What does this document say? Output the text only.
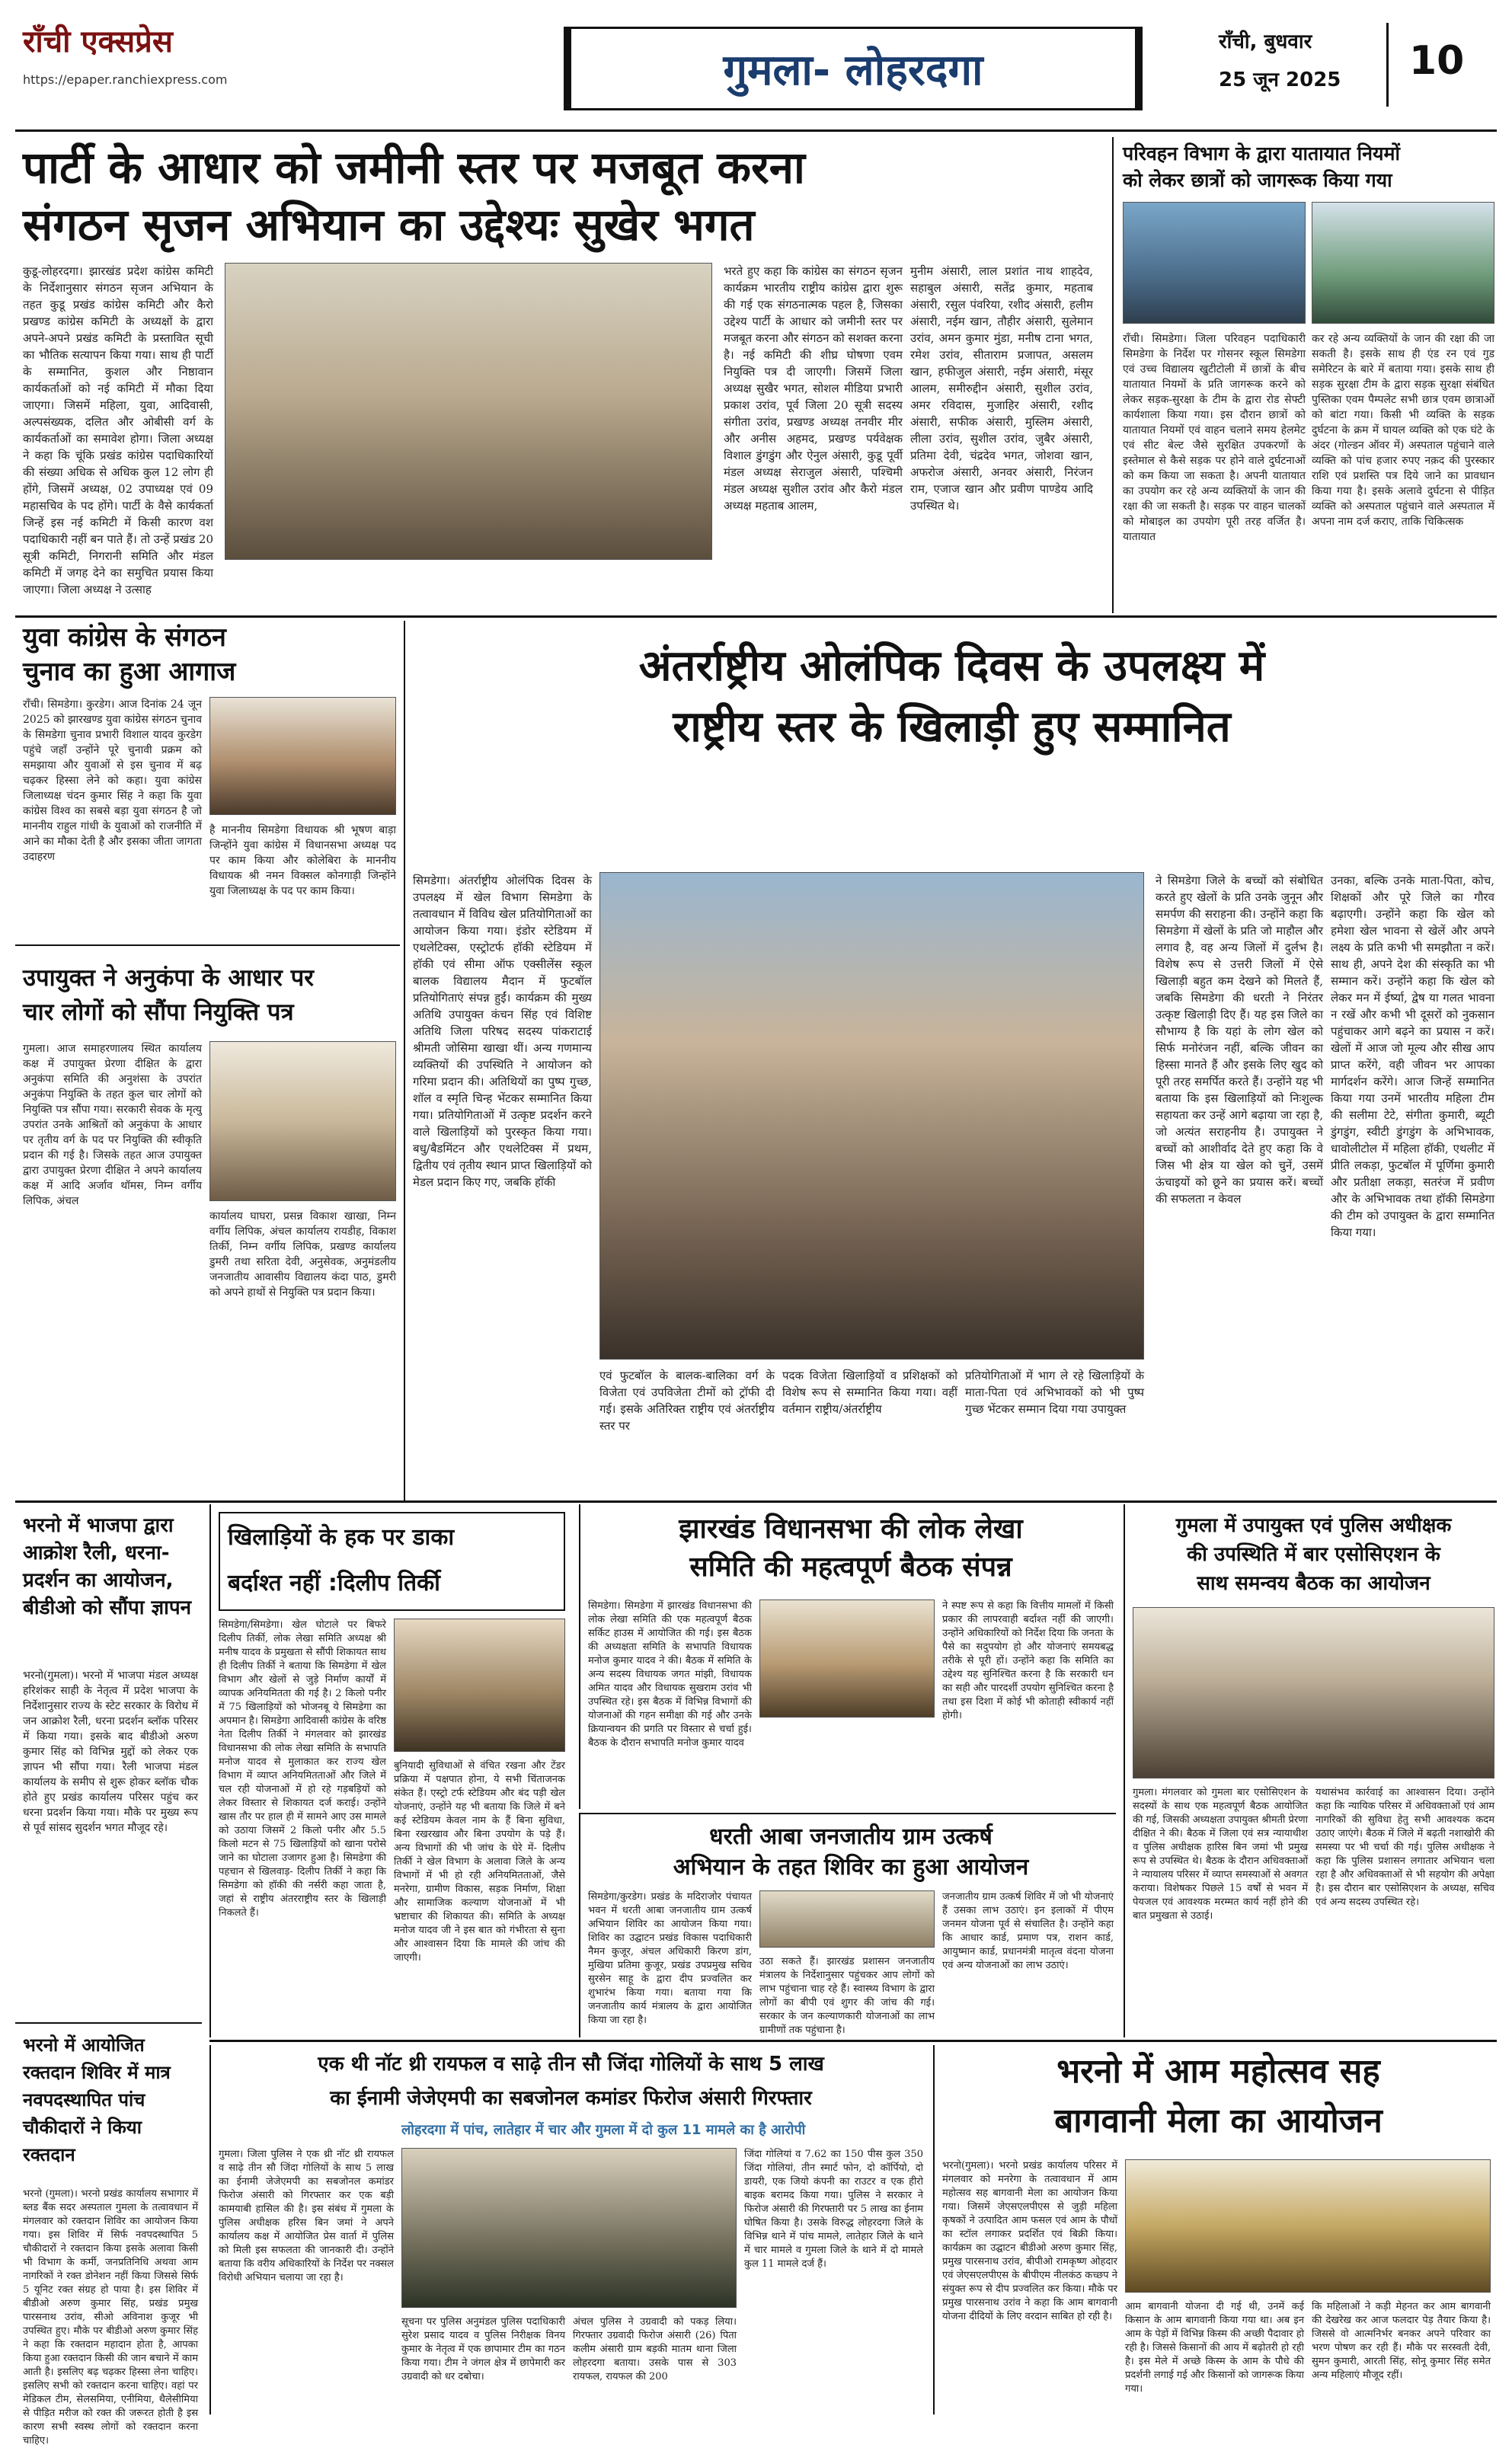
राँची एक्सप्रेस
https://epaper.ranchiexpress.com	गुमला- लोहरदगा
राँची, बुधवार
25 जून 2025 10
पार्टी के आधार को जमीनी स्तर पर मजबूत करना
संगठन सृजन अभियान का उद्देश्यः सुखेर भगत
कुडू-लोहरदगा। झारखंड प्रदेश कांग्रेस कमिटी के निर्देशानुसार संगठन सृजन अभियान के तहत कुडू प्रखंड कांग्रेस कमिटी और कैरो प्रखण्ड कांग्रेस कमिटी के अध्यक्षों के द्वारा अपने-अपने प्रखंड कमिटी के प्रस्तावित सूची का भौतिक सत्यापन किया गया। साथ ही पार्टी के सम्मानित, कुशल और निष्ठावान कार्यकर्ताओं को नई कमिटी में मौका दिया जाएगा। जिसमें महिला, युवा, आदिवासी, अल्पसंख्यक, दलित और ओबीसी वर्ग के कार्यकर्ताओं का समावेश होगा। जिला अध्यक्ष ने कहा कि चूंकि प्रखंड कांग्रेस पदाधिकारियों की संख्या अधिक से अधिक कुल 12 लोग ही होंगे, जिसमें अध्यक्ष, 02 उपाध्यक्ष एवं 09 महासचिव के पद होंगे। पार्टी के वैसे कार्यकर्ता जिन्हें इस नई कमिटी में किसी कारण वश पदाधिकारी नहीं बन पाते हैं। तो उन्हें प्रखंड 20 सूत्री कमिटी, निगरानी समिति और मंडल कमिटी में जगह देने का समुचित प्रयास किया जाएगा। जिला अध्यक्ष ने उत्साह
भरते हुए कहा कि कांग्रेस का संगठन सृजन कार्यक्रम भारतीय राष्ट्रीय कांग्रेस द्वारा शुरू की गई एक संगठनात्मक पहल है, जिसका उद्देश्य पार्टी के आधार को जमीनी स्तर पर मजबूत करना और संगठन को सशक्त करना है। नई कमिटी की शीघ्र घोषणा एवम नियुक्ति पत्र दी जाएगी। जिसमें जिला अध्यक्ष सुखैर भगत, सोशल मीडिया प्रभारी प्रकाश उरांव, पूर्व जिला 20 सूत्री सदस्य संगीता उरांव, प्रखण्ड अध्यक्ष तनवीर मीर और अनीस अहमद, प्रखण्ड पर्यवेक्षक विशाल डुंगडुंग और ऐनुल अंसारी, कुडू पूर्वी मंडल अध्यक्ष सेराजुल अंसारी, पश्चिमी मंडल अध्यक्ष सुशील उरांव और कैरो मंडल अध्यक्ष महताब आलम,
मुनीम अंसारी, लाल प्रशांत नाथ शाहदेव, सहाबुल अंसारी, सतेंद्र कुमार, महताब अंसारी, रसुल पंवरिया, रशीद अंसारी, हलीम अंसारी, नईम खान, तौहीर अंसारी, सुलेमान उरांव, अमन कुमार मुंडा, मनीष टाना भगत, रमेश उरांव, सीताराम प्रजापत, असलम खान, हफीजुल अंसारी, नईम अंसारी, मंसूर आलम, समीरुद्दीन अंसारी, सुशील उरांव, अमर रविदास, मुजाहिर अंसारी, रशीद अंसारी, सफीक अंसारी, मुस्लिम अंसारी, लीला उरांव, सुशील उरांव, जुबैर अंसारी, प्रतिमा देवी, चंद्रदेव भगत, जोशवा खान, अफरोज अंसारी, अनवर अंसारी, निरंजन राम, एजाज खान और प्रवीण पाण्डेय आदि उपस्थित थे।
परिवहन विभाग के द्वारा यातायात नियमों
को लेकर छात्रों को जागरूक किया गया
राँची। सिमडेगा। जिला परिवहन पदाधिकारी सिमडेगा के निर्देश पर गोसनर स्कूल सिमडेगा एवं उच्च विद्यालय खुटीटोली में छात्रों के बीच यातायात नियमों के प्रति जागरूक करने को लेकर सड़क-सुरक्षा के टीम के द्वारा रोड सेफ्टी कार्यशाला किया गया। इस दौरान छात्रों को यातायात नियमों एवं वाहन चलाने समय हेलमेट एवं सीट बेल्ट जैसे सुरक्षित उपकरणों के इस्तेमाल से कैसे सड़क पर होने वाले दुर्घटनाओं को कम किया जा सकता है। अपनी यातायात का उपयोग कर रहे अन्य व्यक्तियों के जान की रक्षा की जा सकती है। सड़क पर वाहन चालकों को मोबाइल का उपयोग पूरी तरह वर्जित है। यातायात
कर रहे अन्य व्यक्तियों के जान की रक्षा की जा सकती है। इसके साथ ही एंड रन एवं गुड समेरिटन के बारे में बताया गया। इसके साथ ही सड़क सुरक्षा टीम के द्वारा सड़क सुरक्षा संबंधित पुस्तिका एवम पैम्पलेट सभी छात्र एवम छात्राओं को बांटा गया। किसी भी व्यक्ति के सड़क दुर्घटना के क्रम में घायल व्यक्ति को एक घंटे के अंदर (गोल्डन ऑवर में) अस्पताल पहुंचाने वाले व्यक्ति को पांच हजार रुपए नक़द की पुरस्कार राशि एवं प्रशस्ति पत्र दिये जाने का प्रावधान किया गया है। इसके अलावे दुर्घटना से पीड़ित व्यक्ति को अस्पताल पहुंचाने वाले अस्पताल में अपना नाम दर्ज कराए, ताकि चिकित्सक
युवा कांग्रेस के संगठन
चुनाव का हुआ आगाज
राँची। सिमडेगा। कुरडेग। आज दिनांक 24 जून 2025 को झारखण्ड युवा कांग्रेस संगठन चुनाव के सिमडेगा चुनाव प्रभारी विशाल यादव कुरडेग पहुंचे जहाँ उन्होंने पूरे चुनावी प्रक्रम को समझाया और युवाओं से इस चुनाव में बढ़ चढ़कर हिस्सा लेने को कहा। युवा कांग्रेस जिलाध्यक्ष चंदन कुमार सिंह ने कहा कि युवा कांग्रेस विश्व का सबसे बड़ा युवा संगठन है जो माननीय राहुल गांधी के युवाओं को राजनीति में आने का मौका देती है और इसका जीता जागता उदाहरण
है माननीय सिमडेगा विधायक श्री भूषण बाड़ा जिन्होंने युवा कांग्रेस में विधानसभा अध्यक्ष पद पर काम किया और कोलेबिरा के माननीय विधायक श्री नमन विक्सल कोनगाड़ी जिन्होंने युवा जिलाध्यक्ष के पद पर काम किया।
अंतर्राष्ट्रीय ओलंपिक दिवस के उपलक्ष्य में
राष्ट्रीय स्तर के खिलाड़ी हुए सम्मानित
सिमडेगा। अंतर्राष्ट्रीय ओलंपिक दिवस के उपलक्ष्य में खेल विभाग सिमडेगा के तत्वावधान में विविध खेल प्रतियोगिताओं का आयोजन किया गया। इंडोर स्टेडियम में एथलेटिक्स, एस्ट्रोटर्फ हॉकी स्टेडियम में हॉकी एवं सीमा ऑफ एक्सीलेंस स्कूल बालक विद्यालय मैदान में फुटबॉल प्रतियोगिताएं संपन्न हुईं। कार्यक्रम की मुख्य अतिथि उपायुक्त कंचन सिंह एवं विशिष्ट अतिथि जिला परिषद सदस्य पांकराटाई श्रीमती जोसिमा खाखा थीं। अन्य गणमान्य व्यक्तियों की उपस्थिति ने आयोजन को गरिमा प्रदान की। अतिथियों का पुष्प गुच्छ, शॉल व स्मृति चिन्ह भेंटकर सम्मानित किया गया। प्रतियोगिताओं में उत्कृष्ट प्रदर्शन करने वाले खिलाड़ियों को पुरस्कृत किया गया। बधु/बैडमिंटन और एथलेटिक्स में प्रथम, द्वितीय एवं तृतीय स्थान प्राप्त खिलाड़ियों को मेडल प्रदान किए गए, जबकि हॉकी
एवं फुटबॉल के बालक-बालिका वर्ग के विजेता एवं उपविजेता टीमों को ट्रॉफी दी गई। इसके अतिरिक्त राष्ट्रीय एवं अंतर्राष्ट्रीय स्तर पर
पदक विजेता खिलाड़ियों व प्रशिक्षकों को विशेष रूप से सम्मानित किया गया। वहीं वर्तमान राष्ट्रीय/अंतर्राष्ट्रीय
प्रतियोगिताओं में भाग ले रहे खिलाड़ियों के माता-पिता एवं अभिभावकों को भी पुष्प गुच्छ भेंटकर सम्मान दिया गया उपायुक्त
ने सिमडेगा जिले के बच्चों को संबोधित करते हुए खेलों के प्रति उनके जुनून और समर्पण की सराहना की। उन्होंने कहा कि सिमडेगा में खेलों के प्रति जो माहौल और लगाव है, वह अन्य जिलों में दुर्लभ है। विशेष रूप से उत्तरी जिलों में ऐसे खिलाड़ी बहुत कम देखने को मिलते हैं, जबकि सिमडेगा की धरती ने निरंतर उत्कृष्ट खिलाड़ी दिए हैं। यह इस जिले का सौभाग्य है कि यहां के लोग खेल को सिर्फ मनोरंजन नहीं, बल्कि जीवन का हिस्सा मानते हैं और इसके लिए खुद को पूरी तरह समर्पित करते हैं। उन्होंने यह भी बताया कि इस खिलाड़ियों को निःशुल्क सहायता कर उन्हें आगे बढ़ाया जा रहा है, जो अत्यंत सराहनीय है। उपायुक्त ने बच्चों को आशीर्वाद देते हुए कहा कि वे जिस भी क्षेत्र या खेल को चुनें, उसमें ऊंचाइयों को छूने का प्रयास करें। बच्चों की सफलता न केवल
उनका, बल्कि उनके माता-पिता, कोच, शिक्षकों और पूरे जिले का गौरव बढ़ाएगी। उन्होंने कहा कि खेल को हमेशा खेल भावना से खेलें और अपने लक्ष्य के प्रति कभी भी समझौता न करें। साथ ही, अपने देश की संस्कृति का भी सम्मान करें। उन्होंने कहा कि खेल को लेकर मन में ईर्ष्या, द्वेष या गलत भावना न रखें और कभी भी दूसरों को नुकसान पहुंचाकर आगे बढ़ने का प्रयास न करें। खेलों में आज जो मूल्य और सीख आप प्राप्त करेंगे, वही जीवन भर आपका मार्गदर्शन करेंगे। आज जिन्हें सम्मानित किया गया उनमें भारतीय महिला टीम की सलीमा टेटे, संगीता कुमारी, ब्यूटी डुंगडुंग, स्वीटी डुंगडुंग के अभिभावक, धावोलीटोल में महिला हॉकी, एथलीट में प्रीति लकड़ा, फुटबॉल में पूर्णिमा कुमारी और प्रतीक्षा लकड़ा, सतरंज में प्रवीण और के अभिभावक तथा हॉकी सिमडेगा की टीम को उपायुक्त के द्वारा सम्मानित किया गया।
उपायुक्त ने अनुकंपा के आधार पर
चार लोगों को सौंपा नियुक्ति पत्र
गुमला। आज समाहरणालय स्थित कार्यालय कक्ष में उपायुक्त प्रेरणा दीक्षित के द्वारा अनुकंपा समिति की अनुशंसा के उपरांत अनुकंपा नियुक्ति के तहत कुल चार लोगों को नियुक्ति पत्र सौंपा गया। सरकारी सेवक के मृत्यु उपरांत उनके आश्रितों को अनुकंपा के आधार पर तृतीय वर्ग के पद पर नियुक्ति की स्वीकृति प्रदान की गई है। जिसके तहत आज उपायुक्त द्वारा उपायुक्त प्रेरणा दीक्षित ने अपने कार्यालय कक्ष में आदि अर्जाव थॉमस, निम्न वर्गीय लिपिक, अंचल
कार्यालय घाघरा, प्रसन्न विकाश खाखा, निम्न वर्गीय लिपिक, अंचल कार्यालय रायडीह, विकाश तिर्की, निम्न वर्गीय लिपिक, प्रखण्ड कार्यालय डुमरी तथा सरिता देवी, अनुसेवक, अनुमंडलीय जनजातीय आवासीय विद्यालय कंदा पाठ, डुमरी को अपने हाथों से नियुक्ति पत्र प्रदान किया।
भरनो में भाजपा द्वारा आक्रोश रैली, धरना-प्रदर्शन का आयोजन, बीडीओ को सौंपा ज्ञापन
भरनो(गुमला)। भरनो में भाजपा मंडल अध्यक्ष हरिशंकर साही के नेतृत्व में प्रदेश भाजपा के निर्देशानुसार राज्य के स्टेट सरकार के विरोध में जन आक्रोश रैली, धरना प्रदर्शन ब्लॉक परिसर में किया गया। इसके बाद बीडीओ अरुण कुमार सिंह को विभिन्न मुद्दों को लेकर एक ज्ञापन भी सौंपा गया। रैली भाजपा मंडल कार्यालय के समीप से शुरू होकर ब्लॉक चौक होते हुए प्रखंड कार्यालय परिसर पहुंच कर धरना प्रदर्शन किया गया। मौके पर मुख्य रूप से पूर्व सांसद सुदर्शन भगत मौजूद रहे।
भरनो में आयोजित रक्तदान शिविर में मात्र नवपदस्थापित पांच चौकीदारों ने किया रक्तदान
भरनो (गुमला)। भरनो प्रखंड कार्यालय सभागार में ब्लड बैंक सदर अस्पताल गुमला के तत्वावधान में मंगलवार को रक्तदान शिविर का आयोजन किया गया। इस शिविर में सिर्फ नवपदस्थापित 5 चौकीदारों ने रक्तदान किया इसके अलावा किसी भी विभाग के कर्मी, जनप्रतिनिधि अथवा आम नागरिकों ने रक्त डोनेशन नहीं किया जिससे सिर्फ 5 यूनिट रक्त संग्रह हो पाया है। इस शिविर में बीडीओ अरुण कुमार सिंह, प्रखंड प्रमुख पारसनाथ उरांव, सीओ अविनाश कुजूर भी उपस्थित हुए। मौके पर बीडीओ अरुण कुमार सिंह ने कहा कि रक्तदान महादान होता है, आपका किया हुआ रक्तदान किसी की जान बचाने में काम आती है। इसलिए बढ़ चढ़कर हिस्सा लेना चाहिए। इसलिए सभी को रक्तदान करना चाहिए। वहां पर मेडिकल टीम, सेलसमिया, एनीमिया, थैलेसीमिया से पीड़ित मरीज को रक्त की जरूरत होती है इस कारण सभी स्वस्थ लोगों को रक्तदान करना चाहिए।
खिलाड़ियों के हक पर डाका
बर्दाश्त नहीं :दिलीप तिर्की
सिमडेगा/सिमडेगा। खेल घोटाले पर बिफरे दिलीप तिर्की, लोक लेखा समिति अध्यक्ष श्री मनीष यादव के प्रमुखता से सौंपी शिकायत साथ ही दिलीप तिर्की ने बताया कि सिमडेगा में खेल विभाग और खेलों से जुड़े निर्माण कार्यों में व्यापक अनियमितता की गई है। 2 किलो पनीर में 75 खिलाड़ियों को भोजनबू ये सिमडेगा का अपमान है। सिमडेगा आदिवासी कांग्रेस के वरिष्ठ नेता दिलीप तिर्की ने मंगलवार को झारखंड विधानसभा की लोक लेखा समिति के सभापति मनोज यादव से मुलाकात कर राज्य खेल विभाग में व्याप्त अनियमितताओं और जिले में चल रही योजनाओं में हो रहे गड़बड़ियों को लेकर विस्तार से शिकायत दर्ज कराई। उन्होंने खास तौर पर हाल ही में सामने आए उस मामले को उठाया जिसमें 2 किलो पनीर और 5.5 किलो मटन से 75 खिलाड़ियों को खाना परोसे जाने का घोटाला उजागर हुआ है। सिमडेगा की पहचान से खिलवाड़- दिलीप तिर्की ने कहा कि सिमडेगा को हॉकी की नर्सरी कहा जाता है, जहां से राष्ट्रीय अंतरराष्ट्रीय स्तर के खिलाड़ी निकलते हैं।
बुनियादी सुविधाओं से वंचित रखना और टेंडर प्रक्रिया में पक्षपात होना, ये सभी चिंताजनक संकेत हैं। एस्ट्रो टर्फ स्टेडियम और बंद पड़ी खेल योजनाएं, उन्होंने यह भी बताया कि जिले में बने कई स्टेडियम केवल नाम के हैं बिना सुविधा, बिना रखरखाव और बिना उपयोग के पड़े हैं। अन्य विभागों की भी जांच के घेरे में- दिलीप तिर्की ने खेल विभाग के अलावा जिले के अन्य विभागों में भी हो रही अनियमितताओं, जैसे मनरेगा, ग्रामीण विकास, सड़क निर्माण, शिक्षा और सामाजिक कल्याण योजनाओं में भी भ्रष्टाचार की शिकायत की। समिति के अध्यक्ष मनोज यादव जी ने इस बात को गंभीरता से सुना और आश्वासन दिया कि मामले की जांच की जाएगी।
झारखंड विधानसभा की लोक लेखा
समिति की महत्वपूर्ण बैठक संपन्न
सिमडेगा। सिमडेगा में झारखंड विधानसभा की लोक लेखा समिति की एक महत्वपूर्ण बैठक सर्किट हाउस में आयोजित की गई। इस बैठक की अध्यक्षता समिति के सभापति विधायक मनोज कुमार यादव ने की। बैठक में समिति के अन्य सदस्य विधायक जगत मांझी, विधायक अमित यादव और विधायक सुखराम उरांव भी उपस्थित रहे। इस बैठक में विभिन्न विभागों की योजनाओं की गहन समीक्षा की गई और उनके क्रियान्वयन की प्रगति पर विस्तार से चर्चा हुई। बैठक के दौरान सभापति मनोज कुमार यादव
ने स्पष्ट रूप से कहा कि वित्तीय मामलों में किसी प्रकार की लापरवाही बर्दाश्त नहीं की जाएगी। उन्होंने अधिकारियों को निर्देश दिया कि जनता के पैसे का सदुपयोग हो और योजनाएं समयबद्ध तरीके से पूरी हों। उन्होंने कहा कि समिति का उद्देश्य यह सुनिश्चित करना है कि सरकारी धन का सही और पारदर्शी उपयोग सुनिश्चित करना है तथा इस दिशा में कोई भी कोताही स्वीकार्य नहीं होगी।
धरती आबा जनजातीय ग्राम उत्कर्ष
अभियान के तहत शिविर का हुआ आयोजन
सिमडेगा/कुरडेग। प्रखंड के मदिराजोर पंचायत भवन में धरती आबा जनजातीय ग्राम उत्कर्ष अभियान शिविर का आयोजन किया गया। शिविर का उद्घाटन प्रखंड विकास पदाधिकारी नैमन कुजूर, अंचल अधिकारी किरण डांग, मुखिया प्रतिमा कुजूर, प्रखंड उपप्रमुख सचिव सुरसेन साहू के द्वारा दीप प्रज्वलित कर शुभारंभ किया गया। बताया गया कि जनजातीय कार्य मंत्रालय के द्वारा आयोजित किया जा रहा है।
उठा सकते हैं। झारखंड प्रशासन जनजातीय मंत्रालय के निर्देशानुसार पहुंचकर आप लोगों को लाभ पहुंचाना चाह रहे हैं। स्वास्थ्य विभाग के द्वारा लोगों का बीपी एवं शुगर की जांच की गई। सरकार के जन कल्याणकारी योजनाओं का लाभ ग्रामीणों तक पहुंचाना है।
जनजातीय ग्राम उत्कर्ष शिविर में जो भी योजनाएं हैं उसका लाभ उठाएं। इन इलाकों में पीएम जनमन योजना पूर्व से संचालित है। उन्होंने कहा कि आधार कार्ड, प्रमाण पत्र, राशन कार्ड, आयुष्मान कार्ड, प्रधानमंत्री मातृत्व वंदना योजना एवं अन्य योजनाओं का लाभ उठाएं।
गुमला में उपायुक्त एवं पुलिस अधीक्षक
की उपस्थिति में बार एसोसिएशन के
साथ समन्वय बैठक का आयोजन
गुमला। मंगलवार को गुमला बार एसोसिएशन के सदस्यों के साथ एक महत्वपूर्ण बैठक आयोजित की गई, जिसकी अध्यक्षता उपायुक्त श्रीमती प्रेरणा दीक्षित ने की। बैठक में जिला एवं सत्र न्यायाधीश व पुलिस अधीक्षक हारिस बिन जमां भी प्रमुख रूप से उपस्थित थे। बैठक के दौरान अधिवक्ताओं ने न्यायालय परिसर में व्याप्त समस्याओं से अवगत कराया। विशेषकर पिछले 15 वर्षों से भवन में पेयजल एवं आवश्यक मरम्मत कार्य नहीं होने की बात प्रमुखता से उठाई।
यथासंभव कार्रवाई का आश्वासन दिया। उन्होंने कहा कि न्यायिक परिसर में अधिवक्ताओं एवं आम नागरिकों की सुविधा हेतु सभी आवश्यक कदम उठाए जाएंगे। बैठक में जिले में बढ़ती नशाखोरी की समस्या पर भी चर्चा की गई। पुलिस अधीक्षक ने कहा कि पुलिस प्रशासन लगातार अभियान चला रहा है और अधिवक्ताओं से भी सहयोग की अपेक्षा है। इस दौरान बार एसोसिएशन के अध्यक्ष, सचिव एवं अन्य सदस्य उपस्थित रहे।
एक थी नॉट थ्री रायफल व साढ़े तीन सौ जिंदा गोलियों के साथ 5 लाख
का ईनामी जेजेएमपी का सबजोनल कमांडर फिरोज अंसारी गिरफ्तार
लोहरदगा में पांच, लातेहार में चार और गुमला में दो कुल 11 मामले का है आरोपी
गुमला। जिला पुलिस ने एक थ्री नॉट थ्री रायफल व साढ़े तीन सौ जिंदा गोलियों के साथ 5 लाख का ईनामी जेजेएमपी का सबजोनल कमांडर फिरोज अंसारी को गिरफ्तार कर एक बड़ी कामयाबी हासिल की है। इस संबंध में गुमला के पुलिस अधीक्षक हरिस बिन जमां ने अपने कार्यालय कक्ष में आयोजित प्रेस वार्ता में पुलिस को मिली इस सफलता की जानकारी दी। उन्होंने बताया कि वरीय अधिकारियों के निर्देश पर नक्सल विरोधी अभियान चलाया जा रहा है।
सूचना पर पुलिस अनुमंडल पुलिस पदाधिकारी सुरेश प्रसाद यादव व पुलिस निरीक्षक विनय कुमार के नेतृत्व में एक छापामार टीम का गठन किया गया। टीम ने जंगल क्षेत्र में छापेमारी कर उग्रवादी को धर दबोचा।
अंचल पुलिस ने उग्रवादी को पकड़ लिया। गिरफ्तार उग्रवादी फिरोज अंसारी (26) पिता कलीम अंसारी ग्राम बड़की मातम थाना जिला लोहरदगा बताया। उसके पास से 303 रायफल, रायफल की 200
जिंदा गोलियां व 7.62 का 150 पीस कुल 350 जिंदा गोलियां, तीन स्मार्ट फोन, दो कॉर्पियो, दो डायरी, एक जियो कंपनी का राउटर व एक हीरो बाइक बरामद किया गया। पुलिस ने सरकार ने फिरोज अंसारी की गिरफ्तारी पर 5 लाख का ईनाम घोषित किया है। उसके विरुद्ध लोहरदगा जिले के विभिन्न थाने में पांच मामले, लातेहार जिले के थाने में चार मामले व गुमला जिले के थाने में दो मामले कुल 11 मामले दर्ज हैं।
भरनो में आम महोत्सव सह
बागवानी मेला का आयोजन
भरनो(गुमला)। भरनो प्रखंड कार्यालय परिसर में मंगलवार को मनरेगा के तत्वावधान में आम महोत्सव सह बागवानी मेला का आयोजन किया गया। जिसमें जेएसएलपीएस से जुड़ी महिला कृषकों ने उत्पादित आम फसल एवं आम के पौधों का स्टॉल लगाकर प्रदर्शित एवं बिक्री किया। कार्यक्रम का उद्घाटन बीडीओ अरुण कुमार सिंह, प्रमुख पारसनाथ उरांव, बीपीओ रामकृष्ण ओहदार एवं जेएसएलपीएस के बीपीएम नीलकंठ कच्छप ने संयुक्त रूप से दीप प्रज्वलित कर किया। मौके पर प्रमुख पारसनाथ उरांव ने कहा कि आम बागवानी योजना दीदियों के लिए वरदान साबित हो रही है।
आम बागवानी योजना दी गई थी, उनमें कई किसान के आम बागवानी किया गया था। अब इन आम के पेड़ों में विभिन्न किस्म की अच्छी पैदावार हो रही है। जिससे किसानों की आय में बढ़ोतरी हो रही है। इस मेले में अच्छे किस्म के आम के पौधे की प्रदर्शनी लगाई गई और किसानों को जागरूक किया गया।
कि महिलाओं ने कड़ी मेहनत कर आम बागवानी की देखरेख कर आज फलदार पेड़ तैयार किया है। जिससे वो आत्मनिर्भर बनकर अपने परिवार का भरण पोषण कर रही हैं। मौके पर सरस्वती देवी, सुमन कुमारी, आरती सिंह, सोनू कुमार सिंह समेत अन्य महिलाएं मौजूद रहीं।
